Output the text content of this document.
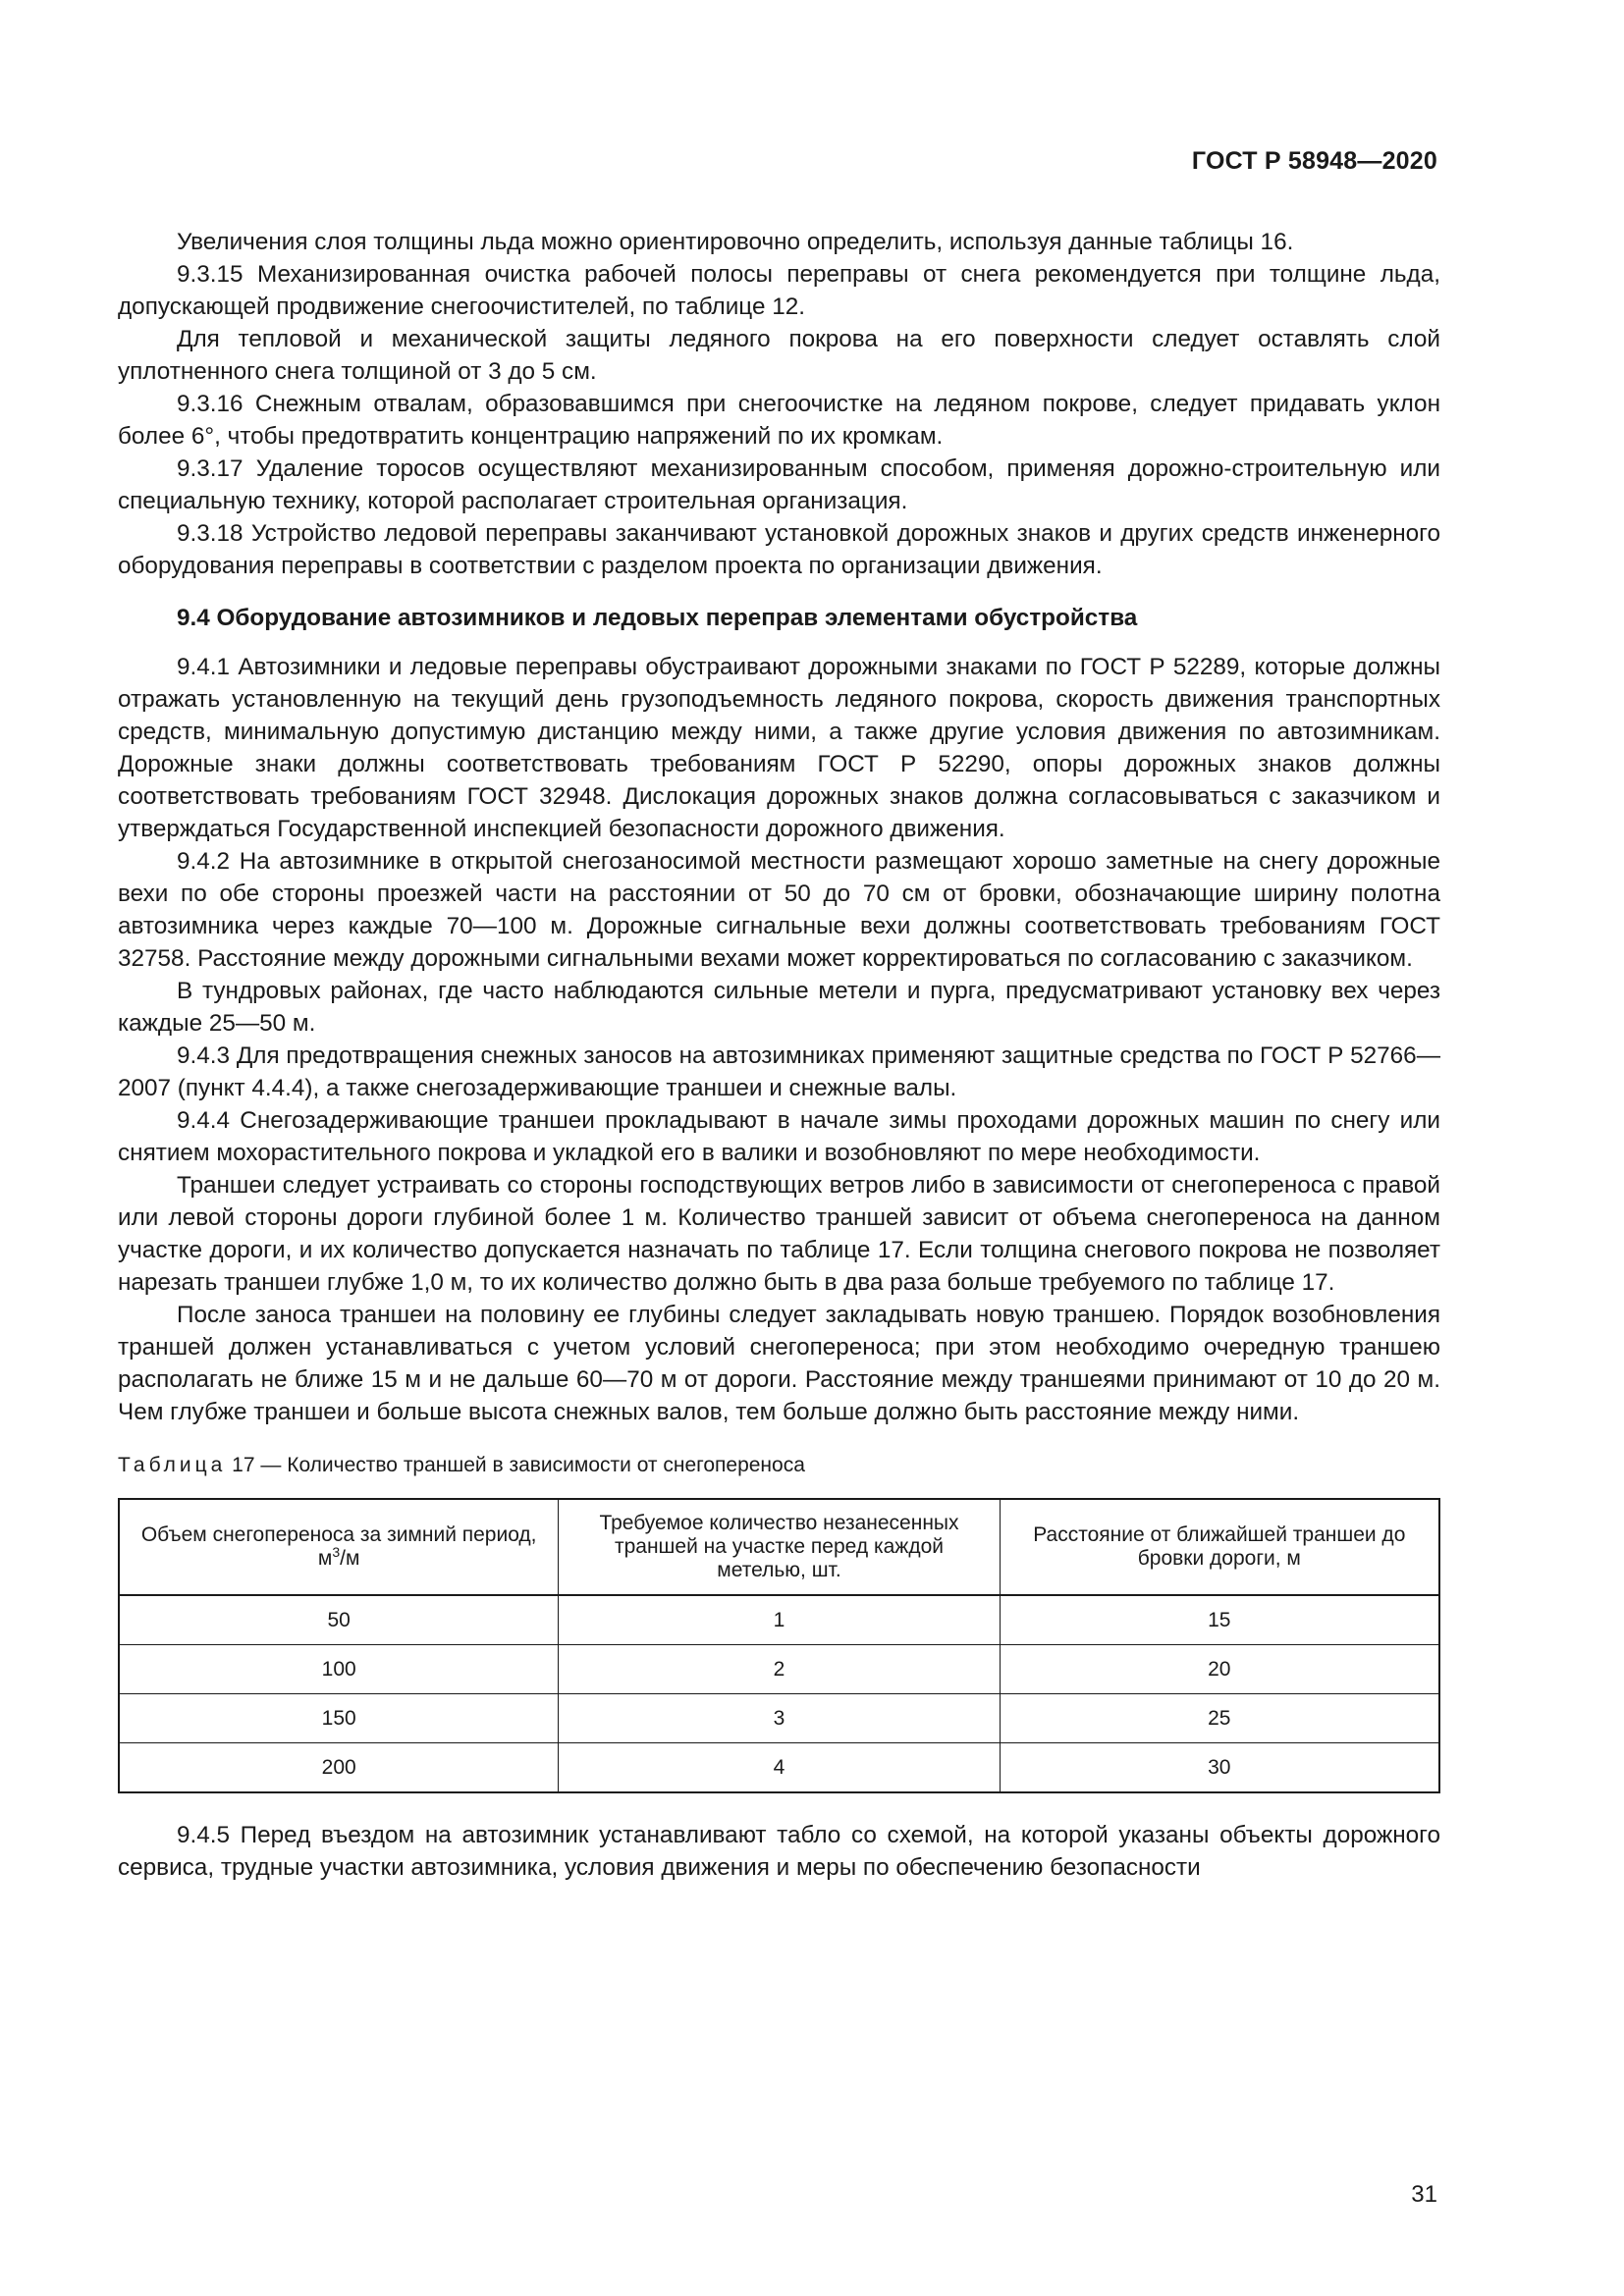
ГОСТ Р 58948—2020

Увеличения слоя толщины льда можно ориентировочно определить, используя данные таблицы 16.

9.3.15 Механизированная очистка рабочей полосы переправы от снега рекомендуется при толщине льда, допускающей продвижение снегоочистителей, по таблице 12.

Для тепловой и механической защиты ледяного покрова на его поверхности следует оставлять слой уплотненного снега толщиной от 3 до 5 см.

9.3.16 Снежным отвалам, образовавшимся при снегоочистке на ледяном покрове, следует придавать уклон более 6°, чтобы предотвратить концентрацию напряжений по их кромкам.

9.3.17 Удаление торосов осуществляют механизированным способом, применяя дорожно-строительную или специальную технику, которой располагает строительная организация.

9.3.18 Устройство ледовой переправы заканчивают установкой дорожных знаков и других средств инженерного оборудования переправы в соответствии с разделом проекта по организации движения.

9.4 Оборудование автозимников и ледовых переправ элементами обустройства

9.4.1 Автозимники и ледовые переправы обустраивают дорожными знаками по ГОСТ Р 52289, которые должны отражать установленную на текущий день грузоподъемность ледяного покрова, скорость движения транспортных средств, минимальную допустимую дистанцию между ними, а также другие условия движения по автозимникам. Дорожные знаки должны соответствовать требованиям ГОСТ Р 52290, опоры дорожных знаков должны соответствовать требованиям ГОСТ 32948. Дислокация дорожных знаков должна согласовываться с заказчиком и утверждаться Государственной инспекцией безопасности дорожного движения.

9.4.2 На автозимнике в открытой снегозаносимой местности размещают хорошо заметные на снегу дорожные вехи по обе стороны проезжей части на расстоянии от 50 до 70 см от бровки, обозначающие ширину полотна автозимника через каждые 70—100 м. Дорожные сигнальные вехи должны соответствовать требованиям ГОСТ 32758. Расстояние между дорожными сигнальными вехами может корректироваться по согласованию с заказчиком.

В тундровых районах, где часто наблюдаются сильные метели и пурга, предусматривают установку вех через каждые 25—50 м.

9.4.3 Для предотвращения снежных заносов на автозимниках применяют защитные средства по ГОСТ Р 52766—2007 (пункт 4.4.4), а также снегозадерживающие траншеи и снежные валы.

9.4.4 Снегозадерживающие траншеи прокладывают в начале зимы проходами дорожных машин по снегу или снятием мохорастительного покрова и укладкой его в валики и возобновляют по мере необходимости.

Траншеи следует устраивать со стороны господствующих ветров либо в зависимости от снегопереноса с правой или левой стороны дороги глубиной более 1 м. Количество траншей зависит от объема снегопереноса на данном участке дороги, и их количество допускается назначать по таблице 17. Если толщина снегового покрова не позволяет нарезать траншеи глубже 1,0 м, то их количество должно быть в два раза больше требуемого по таблице 17.

После заноса траншеи на половину ее глубины следует закладывать новую траншею. Порядок возобновления траншей должен устанавливаться с учетом условий снегопереноса; при этом необходимо очередную траншею располагать не ближе 15 м и не дальше 60—70 м от дороги. Расстояние между траншеями принимают от 10 до 20 м. Чем глубже траншеи и больше высота снежных валов, тем больше должно быть расстояние между ними.

Таблица 17 — Количество траншей в зависимости от снегопереноса
Объем снегопереноса за зимний период, $м^3/м$	Требуемое количество незанесенных траншей на участке перед каждой метелью, шт.	Расстояние от ближайшей траншеи до бровки дороги, м
50	1	15
100	2	20
150	3	25
200	4	30

9.4.5 Перед въездом на автозимник устанавливают табло со схемой, на которой указаны объекты дорожного сервиса, трудные участки автозимника, условия движения и меры по обеспечению безопасности

31
